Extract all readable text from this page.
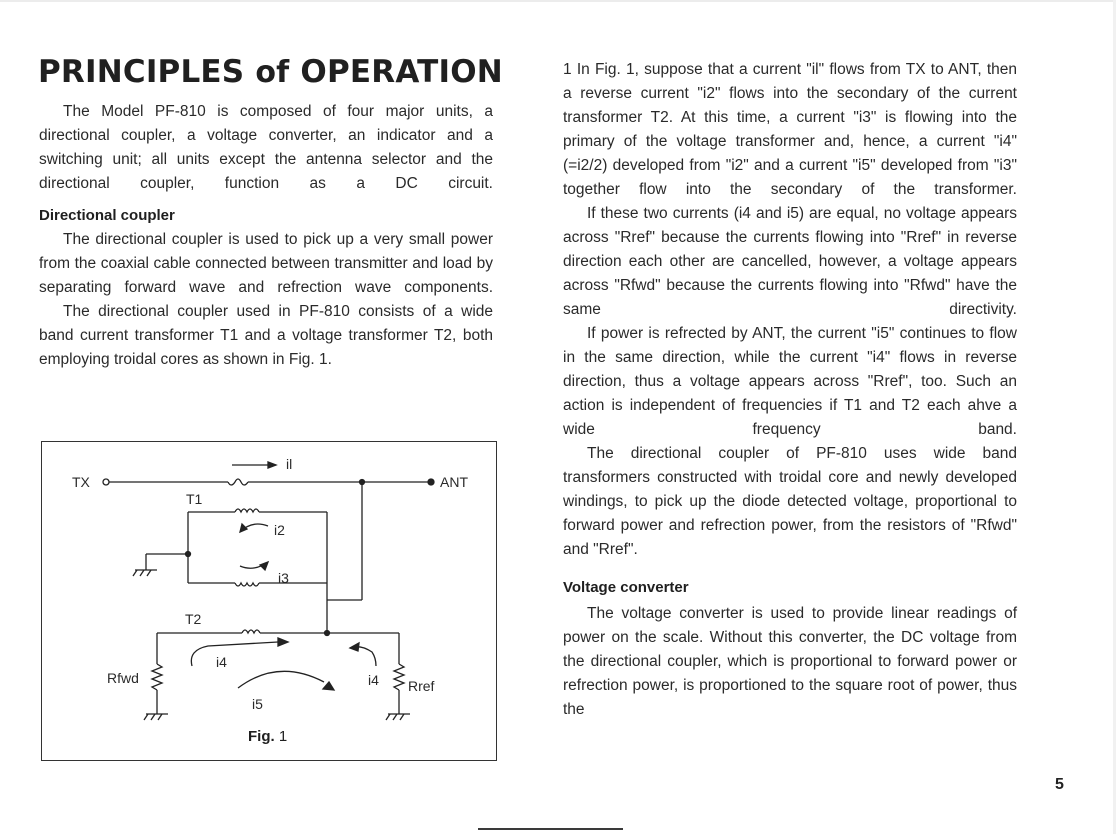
PRINCIPLES of OPERATION

The Model PF-810 is composed of four major units, a directional coupler, a voltage converter, an indicator and a switching unit; all units except the antenna selector and the directional coupler, function as a DC circuit.

Directional coupler

The directional coupler is used to pick up a very small power from the coaxial cable connected between transmitter and load by separating forward wave and refrection wave components.

The directional coupler used in PF-810 consists of a wide band current transformer T1 and a voltage transformer T2, both employing troidal cores as shown in Fig. 1.

TX	ANT
il
T1
i2
i3
T2
i4
i4
i5
Rfwd	Rref
Fig. 1

1 In Fig. 1, suppose that a current "il" flows from TX to ANT, then a reverse current "i2" flows into the secondary of the current transformer T2. At this time, a current "i3" is flowing into the primary of the voltage transformer and, hence, a current "i4" (=i2/2) developed from "i2" and a current "i5" developed from "i3" together flow into the secondary of the transformer.

If these two currents (i4 and i5) are equal, no voltage appears across "Rref" because the currents flowing into "Rref" in reverse direction each other are cancelled, however, a voltage appears across "Rfwd" because the currents flowing into "Rfwd" have the same directivity.

If power is refrected by ANT, the current "i5" continues to flow in the same direction, while the current "i4" flows in reverse direction, thus a voltage appears across "Rref", too. Such an action is independent of frequencies if T1 and T2 each ahve a wide frequency band.

The directional coupler of PF-810 uses wide band transformers constructed with troidal core and newly developed windings, to pick up the diode detected voltage, proportional to forward power and refrection power, from the resistors of "Rfwd" and "Rref".

Voltage converter

The voltage converter is used to provide linear readings of power on the scale. Without this converter, the DC voltage from the directional coupler, which is proportional to forward power or refrection power, is proportioned to the square root of power, thus the

5
